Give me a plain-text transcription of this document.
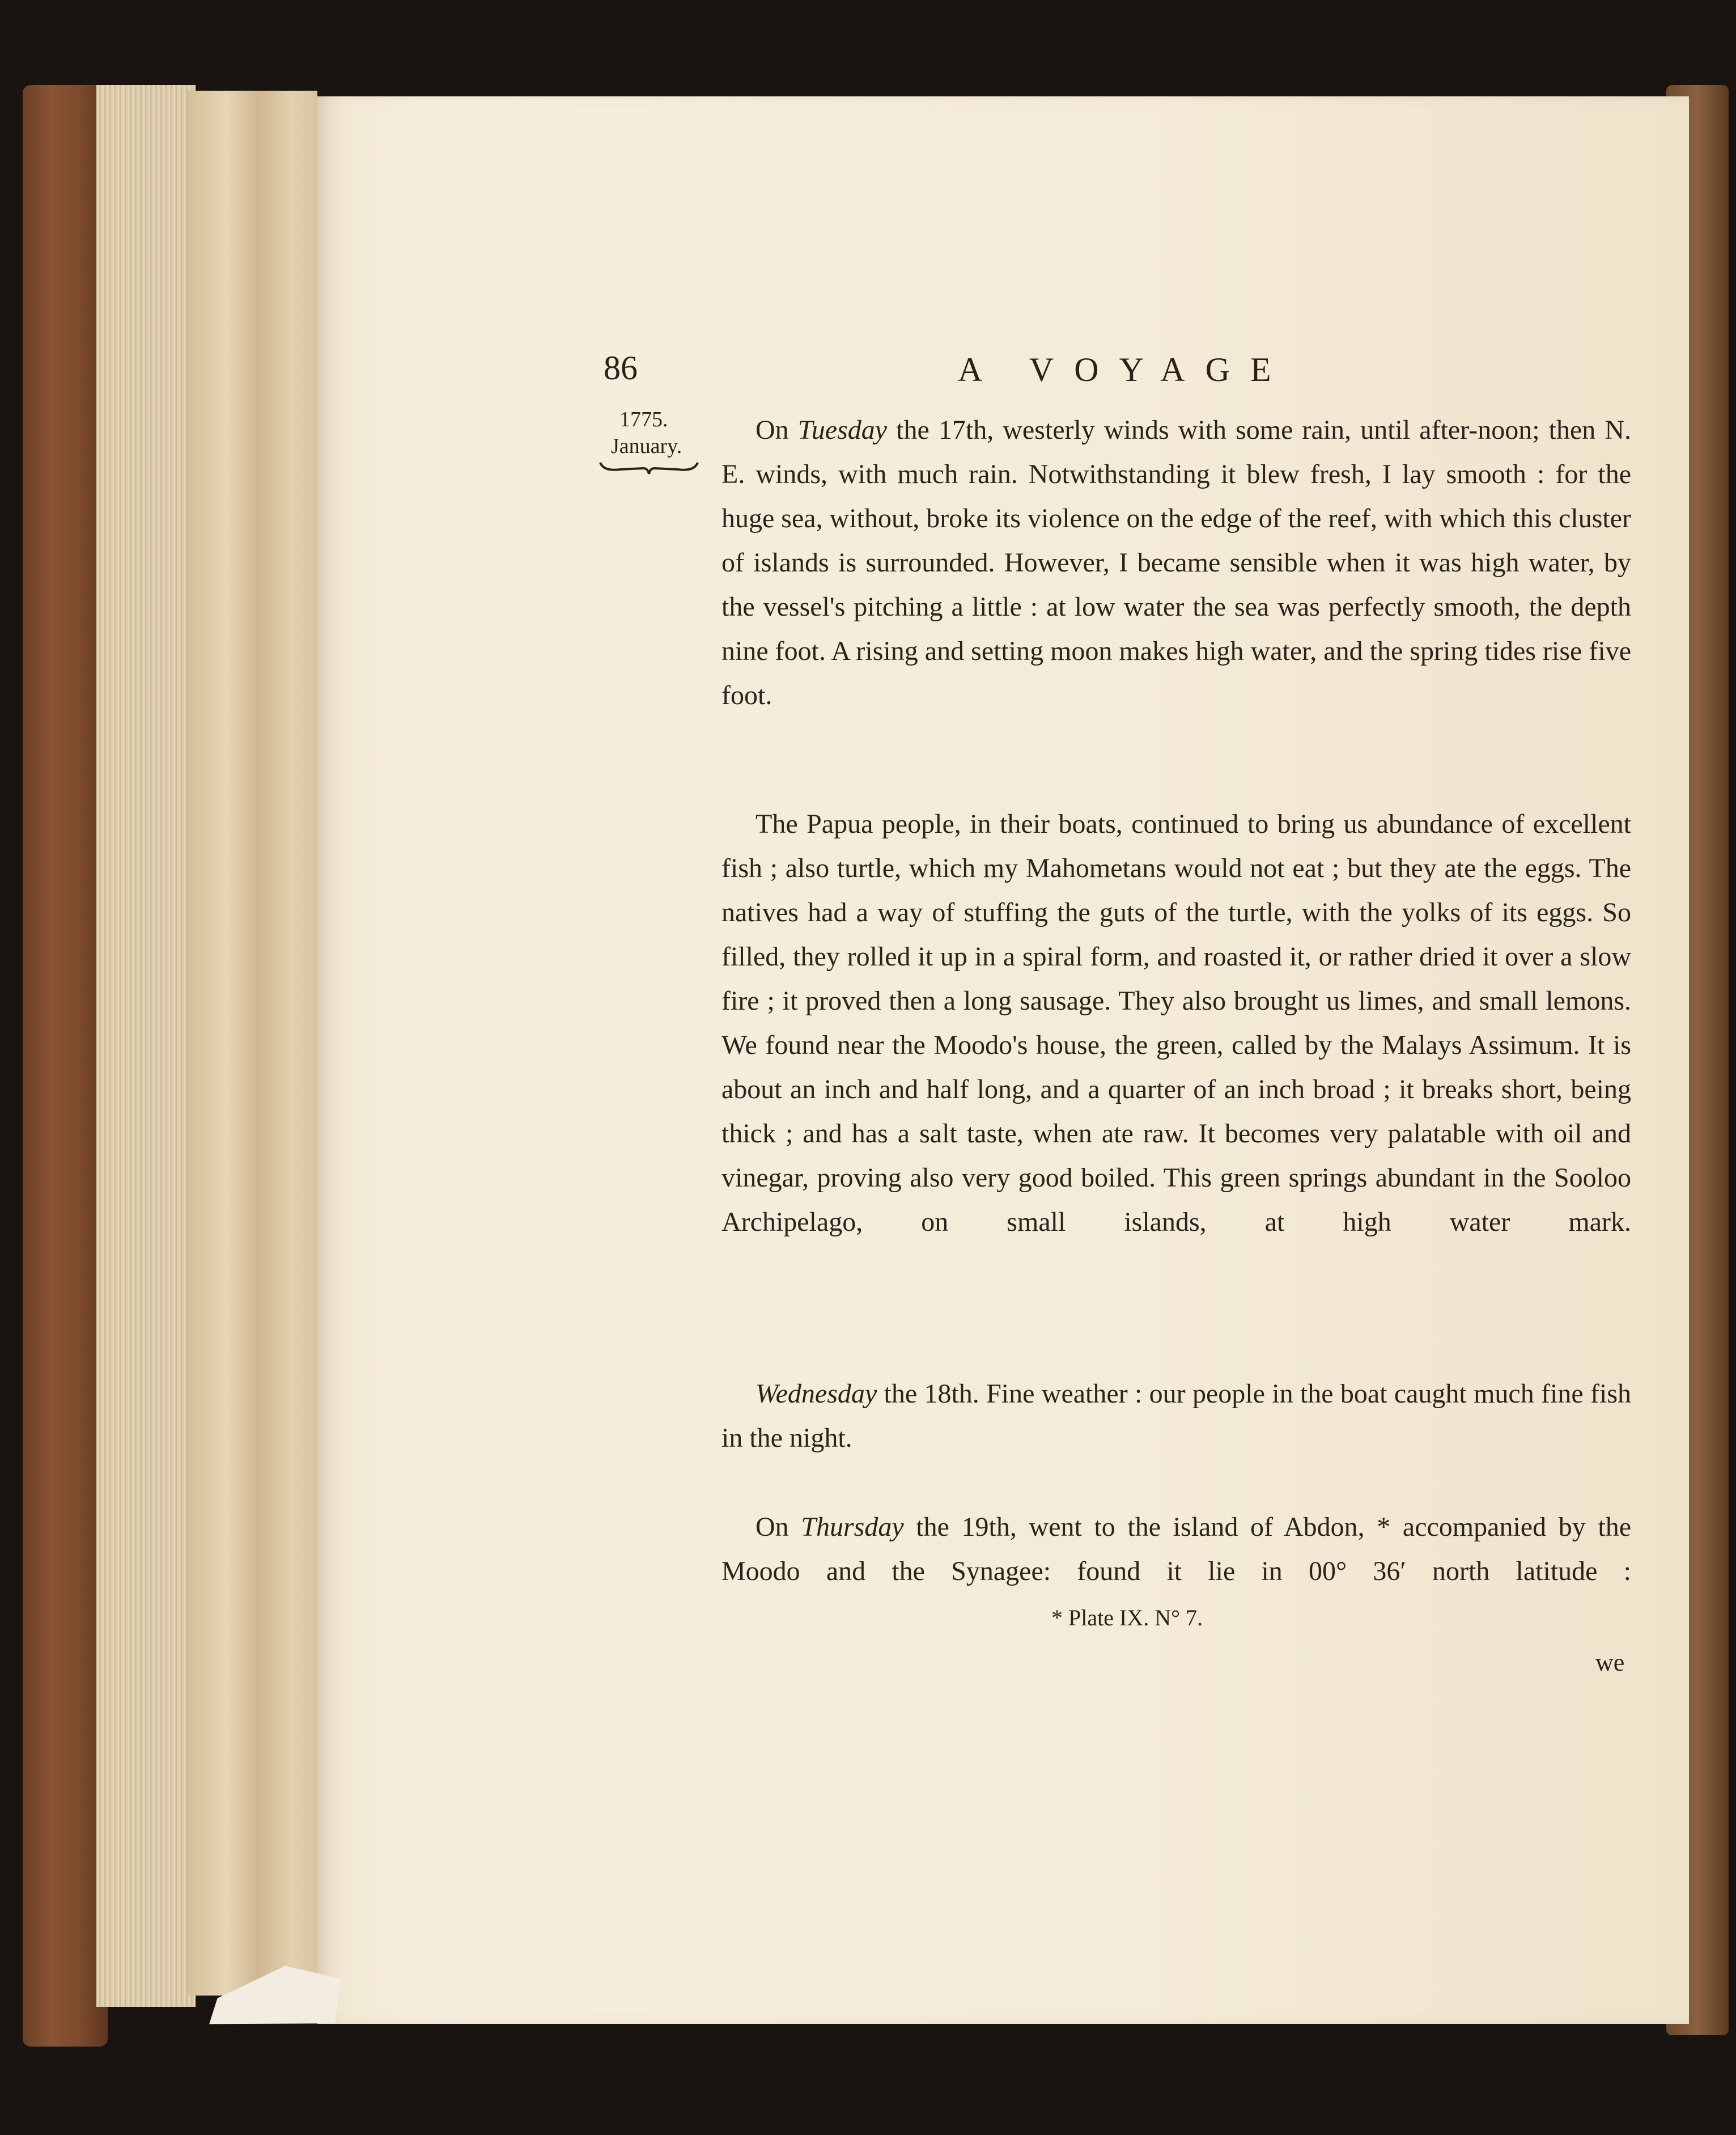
86	A VOYAGE
1775.
January.

On Tuesday the 17th, westerly winds with some rain, until after-noon; then N. E. winds, with much rain. Notwithstanding it blew fresh, I lay smooth : for the huge sea, without, broke its violence on the edge of the reef, with which this cluster of islands is surrounded. However, I became sensible when it was high water, by the vessel's pitching a little : at low water the sea was perfectly smooth, the depth nine foot. A rising and setting moon makes high water, and the spring tides rise five foot.

The Papua people, in their boats, continued to bring us abundance of excellent fish ; also turtle, which my Mahometans would not eat ; but they ate the eggs. The natives had a way of stuffing the guts of the turtle, with the yolks of its eggs. So filled, they rolled it up in a spiral form, and roasted it, or rather dried it over a slow fire ; it proved then a long sausage. They also brought us limes, and small lemons. We found near the Moodo's house, the green, called by the Malays Assimum. It is about an inch and half long, and a quarter of an inch broad ; it breaks short, being thick ; and has a salt taste, when ate raw. It becomes very palatable with oil and vinegar, proving also very good boiled. This green springs abundant in the Sooloo Archipelago, on small islands, at high water mark.

Wednesday the 18th. Fine weather : our people in the boat caught much fine fish in the night.

On Thursday the 19th, went to the island of Abdon, * accompanied by the Moodo and the Synagee: found it lie in 00° 36′ north latitude :

* Plate IX. N° 7.
we
